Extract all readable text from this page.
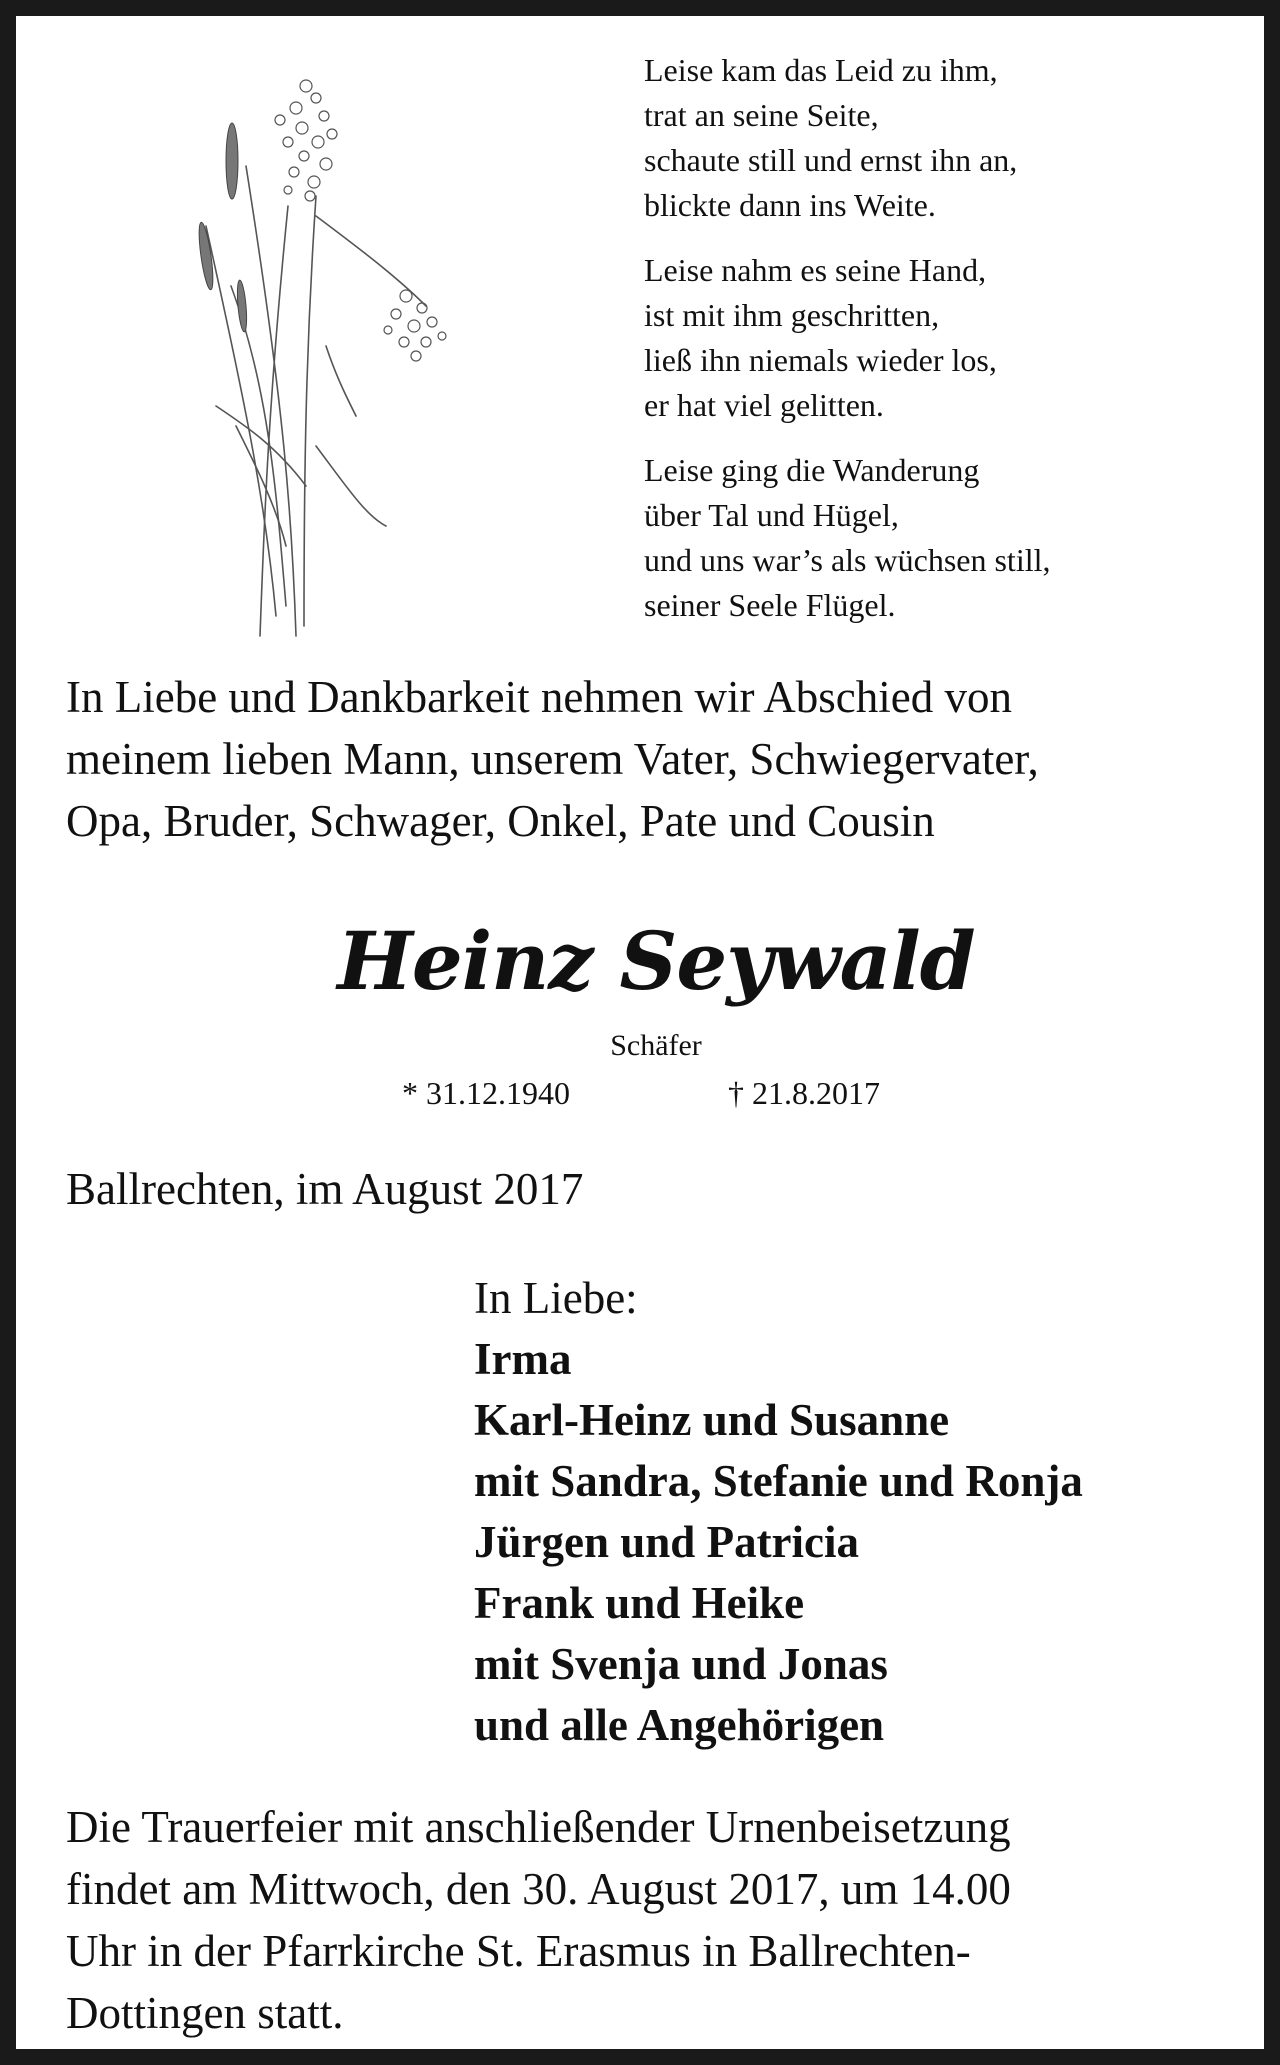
Leise kam das Leid zu ihm,
trat an seine Seite,
schaute still und ernst ihn an,
blickte dann ins Weite.
Leise nahm es seine Hand,
ist mit ihm geschritten,
ließ ihn niemals wieder los,
er hat viel gelitten.
Leise ging die Wanderung
über Tal und Hügel,
und uns war’s als wüchsen still,
seiner Seele Flügel.
In Liebe und Dankbarkeit nehmen wir Abschied von
meinem lieben Mann, unserem Vater, Schwiegervater,
Opa, Bruder, Schwager, Onkel, Pate und Cousin
Heinz Seywald
Schäfer
* 31.12.1940	† 21.8.2017
Ballrechten, im August 2017
In Liebe:
Irma
Karl-Heinz und Susanne
mit Sandra, Stefanie und Ronja
Jürgen und Patricia
Frank und Heike
mit Svenja und Jonas
und alle Angehörigen
Die Trauerfeier mit anschließender Urnenbeisetzung
findet am Mittwoch, den 30. August 2017, um 14.00
Uhr in der Pfarrkirche St. Erasmus in Ballrechten-
Dottingen statt.
